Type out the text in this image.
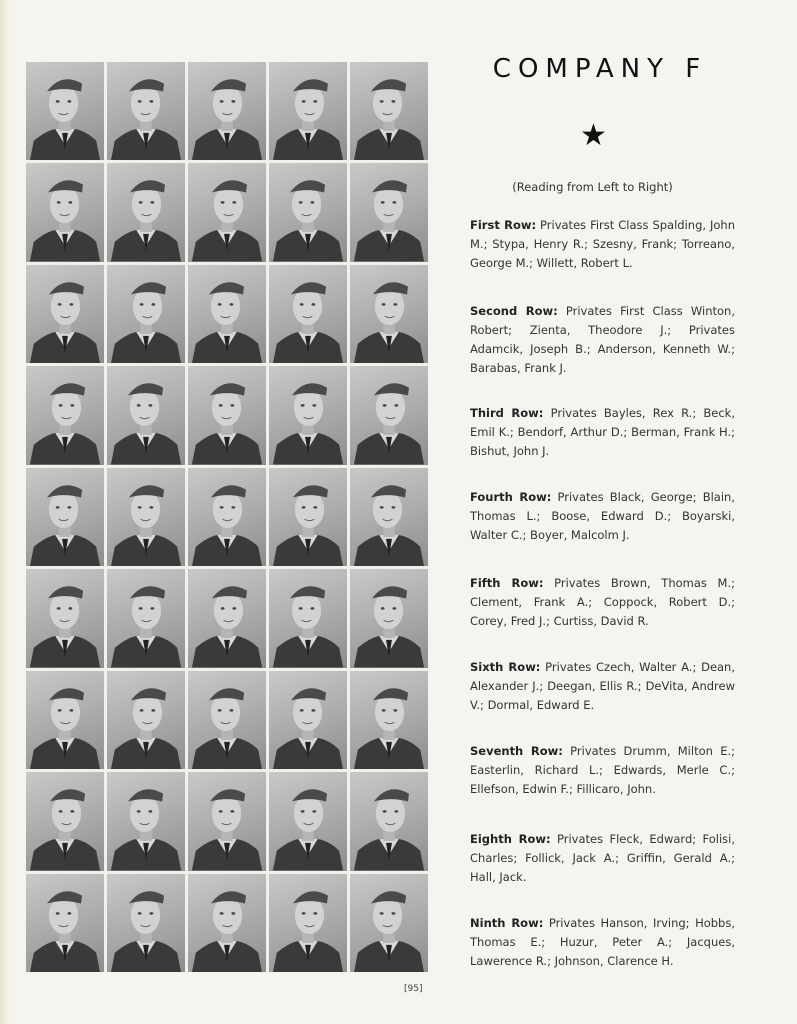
COMPANY F
★
(Reading from Left to Right)
First Row: Privates First Class Spalding, John M.; Stypa, Henry R.; Szesny, Frank; Torreano, George M.; Willett, Robert L.
Second Row: Privates First Class Winton, Robert; Zienta, Theodore J.; Privates Adamcik, Joseph B.; Anderson, Kenneth W.; Barabas, Frank J.
Third Row: Privates Bayles, Rex R.; Beck, Emil K.; Bendorf, Arthur D.; Berman, Frank H.; Bishut, John J.
Fourth Row: Privates Black, George; Blain, Thomas L.; Boose, Edward D.; Boyarski, Walter C.; Boyer, Malcolm J.
Fifth Row: Privates Brown, Thomas M.; Clement, Frank A.; Coppock, Robert D.; Corey, Fred J.; Curtiss, David R.
Sixth Row: Privates Czech, Walter A.; Dean, Alexander J.; Deegan, Ellis R.; DeVita, Andrew V.; Dormal, Edward E.
Seventh Row: Privates Drumm, Milton E.; Easterlin, Richard L.; Edwards, Merle C.; Ellefson, Edwin F.; Fillicaro, John.
Eighth Row: Privates Fleck, Edward; Folisi, Charles; Follick, Jack A.; Griffin, Gerald A.; Hall, Jack.
Ninth Row: Privates Hanson, Irving; Hobbs, Thomas E.; Huzur, Peter A.; Jacques, Lawerence R.; Johnson, Clarence H.
[95]
